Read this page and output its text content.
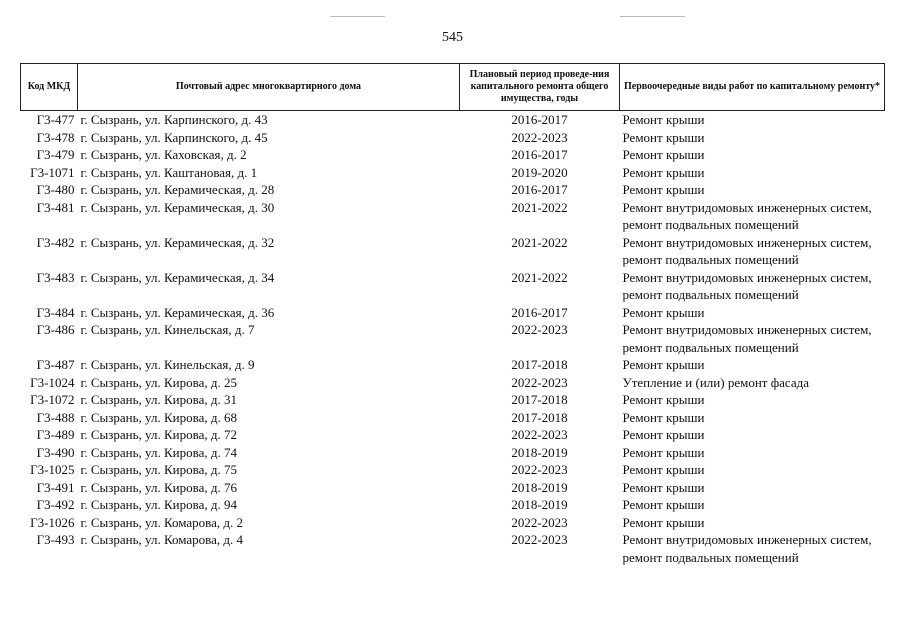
545
Код МКД	Почтовый адрес многоквартирного дома	Плановый период проведе-ния капитального ремонта общего имущества, годы	Первоочередные виды работ по капитальному ремонту*
Г3-477	г. Сызрань, ул. Карпинского, д. 43	2016-2017	Ремонт крыши

Г3-478	г. Сызрань, ул. Карпинского, д. 45	2022-2023	Ремонт крыши

Г3-479	г. Сызрань, ул. Каховская, д. 2	2016-2017	Ремонт крыши

Г3-1071	г. Сызрань, ул. Каштановая, д. 1	2019-2020	Ремонт крыши

Г3-480	г. Сызрань, ул. Керамическая, д. 28	2016-2017	Ремонт крыши

Г3-481	г. Сызрань, ул. Керамическая, д. 30	2021-2022	Ремонт внутридомовых инженерных систем,
ремонт подвальных помещений

Г3-482	г. Сызрань, ул. Керамическая, д. 32	2021-2022	Ремонт внутридомовых инженерных систем,
ремонт подвальных помещений

Г3-483	г. Сызрань, ул. Керамическая, д. 34	2021-2022	Ремонт внутридомовых инженерных систем,
ремонт подвальных помещений

Г3-484	г. Сызрань, ул. Керамическая, д. 36	2016-2017	Ремонт крыши

Г3-486	г. Сызрань, ул. Кинельская, д. 7	2022-2023	Ремонт внутридомовых инженерных систем,
ремонт подвальных помещений

Г3-487	г. Сызрань, ул. Кинельская, д. 9	2017-2018	Ремонт крыши

Г3-1024	г. Сызрань, ул. Кирова, д. 25	2022-2023	Утепление и (или) ремонт фасада

Г3-1072	г. Сызрань, ул. Кирова, д. 31	2017-2018	Ремонт крыши

Г3-488	г. Сызрань, ул. Кирова, д. 68	2017-2018	Ремонт крыши

Г3-489	г. Сызрань, ул. Кирова, д. 72	2022-2023	Ремонт крыши

Г3-490	г. Сызрань, ул. Кирова, д. 74	2018-2019	Ремонт крыши

Г3-1025	г. Сызрань, ул. Кирова, д. 75	2022-2023	Ремонт крыши

Г3-491	г. Сызрань, ул. Кирова, д. 76	2018-2019	Ремонт крыши

Г3-492	г. Сызрань, ул. Кирова, д. 94	2018-2019	Ремонт крыши

Г3-1026	г. Сызрань, ул. Комарова, д. 2	2022-2023	Ремонт крыши

Г3-493	г. Сызрань, ул. Комарова, д. 4	2022-2023	Ремонт внутридомовых инженерных систем,
ремонт подвальных помещений
